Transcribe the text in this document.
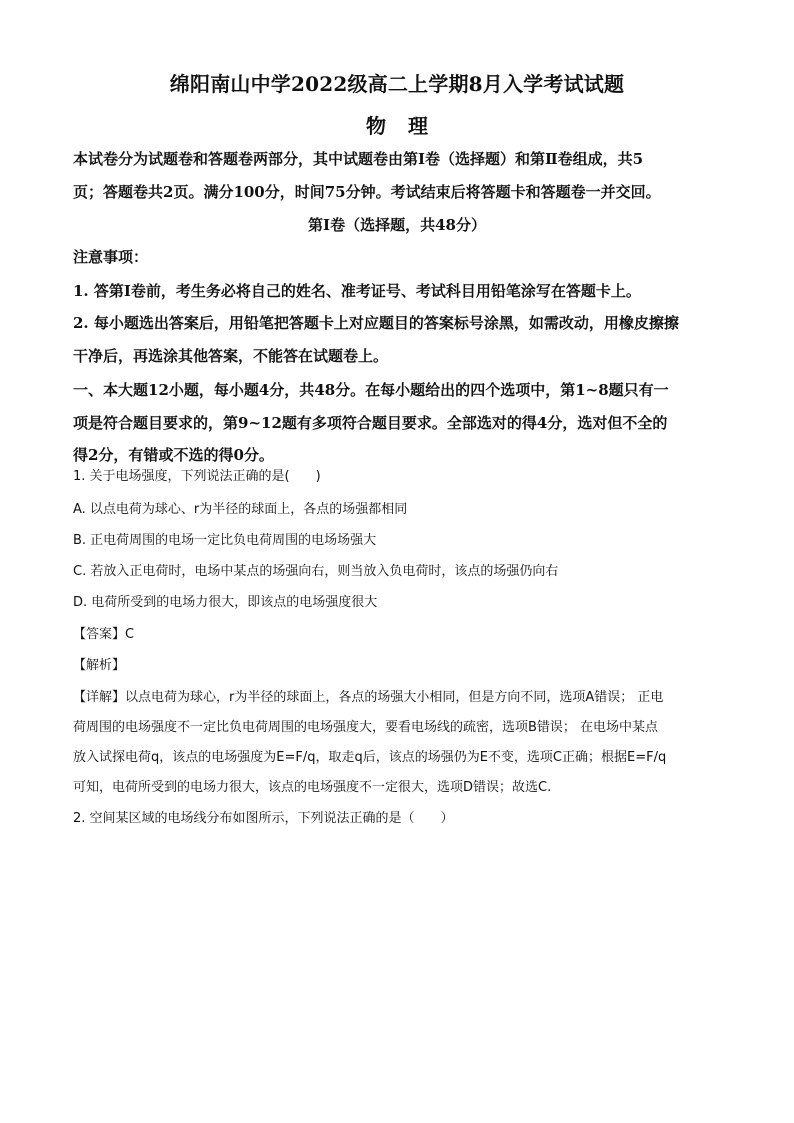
绵阳南山中学2022级高二上学期8月入学考试试题
物理
本试卷分为试题卷和答题卷两部分，其中试题卷由第Ⅰ卷（选择题）和第Ⅱ卷组成，共5
页；答题卷共2页。满分100分，时间75分钟。考试结束后将答题卡和答题卷一并交回。
第Ⅰ卷（选择题，共48分）
注意事项：
1. 答第Ⅰ卷前，考生务必将自己的姓名、准考证号、考试科目用铅笔涂写在答题卡上。
2. 每小题选出答案后，用铅笔把答题卡上对应题目的答案标号涂黑，如需改动，用橡皮擦擦
干净后，再选涂其他答案，不能答在试题卷上。
一、本大题12小题，每小题4分，共48分。在每小题给出的四个选项中，第1~8题只有一
项是符合题目要求的，第9~12题有多项符合题目要求。全部选对的得4分，选对但不全的
得2分，有错或不选的得0分。
1. 关于电场强度，下列说法正确的是(　　)
A. 以点电荷为球心、r为半径的球面上，各点的场强都相同
B. 正电荷周围的电场一定比负电荷周围的电场场强大
C. 若放入正电荷时，电场中某点的场强向右，则当放入负电荷时，该点的场强仍向右
D. 电荷所受到的电场力很大，即该点的电场强度很大
【答案】C
【解析】
【详解】以点电荷为球心，r为半径的球面上，各点的场强大小相同，但是方向不同，选项A错误； 正电
荷周围的电场强度不一定比负电荷周围的电场强度大，要看电场线的疏密，选项B错误； 在电场中某点
放入试探电荷q，该点的电场强度为E=F/q，取走q后，该点的场强仍为E不变，选项C正确；根据E=F/q
可知，电荷所受到的电场力很大，该点的电场强度不一定很大，选项D错误；故选C.
2. 空间某区域的电场线分布如图所示，下列说法正确的是（　　）
